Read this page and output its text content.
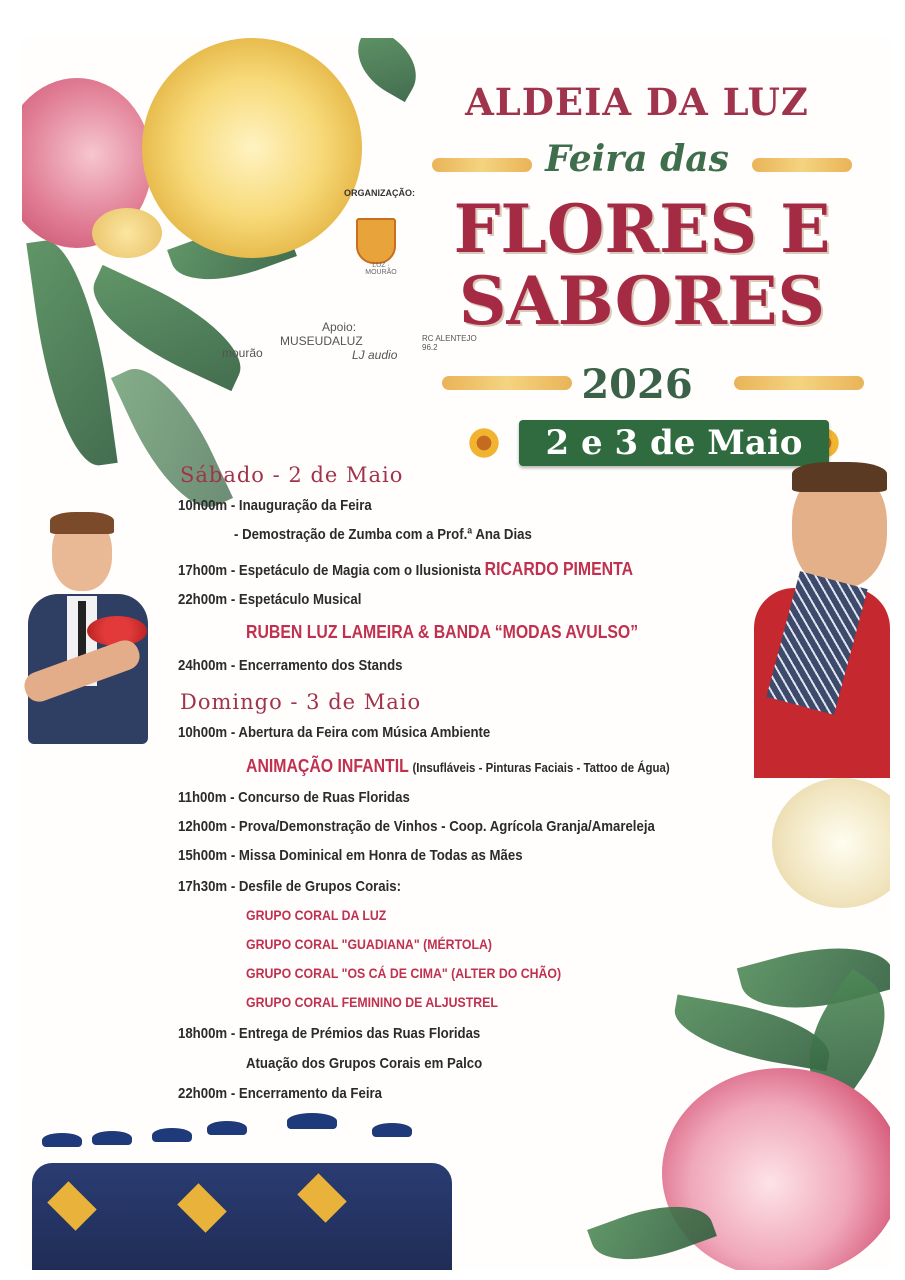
ALDEIA DA LUZ
Feira das
FLORES E
SABORES
2026
2 e 3 de Maio
ORGANIZAÇÃO:
LUZ · MOURÃO
Apoio:
mourão
MUSEUDALUZ
LJ audio
RC ALENTEJO 96.2
Sábado - 2 de Maio
10h00m - Inauguração da Feira
- Demostração de Zumba com a Prof.ª Ana Dias
17h00m - Espetáculo de Magia com o Ilusionista RICARDO PIMENTA
22h00m - Espetáculo Musical
RUBEN LUZ LAMEIRA & BANDA “MODAS AVULSO”
24h00m - Encerramento dos Stands
Domingo - 3 de Maio
10h00m - Abertura da Feira com Música Ambiente
ANIMAÇÃO INFANTIL (Insufláveis - Pinturas Faciais - Tattoo de Água)
11h00m - Concurso de Ruas Floridas
12h00m - Prova/Demonstração de Vinhos - Coop. Agrícola Granja/Amareleja
15h00m - Missa Dominical em Honra de Todas as Mães
17h30m - Desfile de Grupos Corais:
GRUPO CORAL DA LUZ
GRUPO CORAL "GUADIANA" (MÉRTOLA)
GRUPO CORAL "OS CÁ DE CIMA" (ALTER DO CHÃO)
GRUPO CORAL FEMININO DE ALJUSTREL
18h00m - Entrega de Prémios das Ruas Floridas
Atuação dos Grupos Corais em Palco
22h00m - Encerramento da Feira
